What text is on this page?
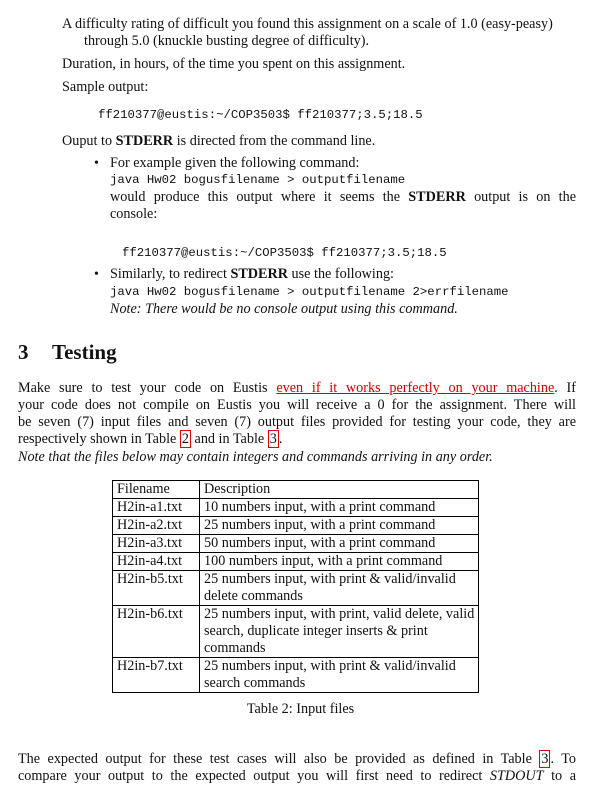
A difficulty rating of difficult you found this assignment on a scale of 1.0 (easy-peasy)
through 5.0 (knuckle busting degree of difficulty).
Duration, in hours, of the time you spent on this assignment.
Sample output:
ff210377@eustis:~/COP3503$ ff210377;3.5;18.5
Ouput to STDERR is directed from the command line.
• For example given the following command:
java Hw02 bogusfilename > outputfilename
would produce this output where it seems the STDERR output is on the
console:
ff210377@eustis:~/COP3503$ ff210377;3.5;18.5
• Similarly, to redirect STDERR use the following:
java Hw02 bogusfilename > outputfilename 2>errfilename
Note: There would be no console output using this command.
3 Testing
Make sure to test your code on Eustis even if it works perfectly on your machine. If
your code does not compile on Eustis you will receive a 0 for the assignment. There will
be seven (7) input files and seven (7) output files provided for testing your code, they are
respectively shown in Table 2 and in Table 3 .
Note that the files below may contain integers and commands arriving in any order.
Filename	Description
H2in-a1.txt	10 numbers input, with a print command
H2in-a2.txt	25 numbers input, with a print command
H2in-a3.txt	50 numbers input, with a print command
H2in-a4.txt	100 numbers input, with a print command
H2in-b5.txt	25 numbers input, with print & valid/invalid delete commands
H2in-b6.txt	25 numbers input, with print, valid delete, valid search, duplicate integer inserts & print commands
H2in-b7.txt	25 numbers input, with print & valid/invalid search commands
Table 2: Input files
The expected output for these test cases will also be provided as defined in Table 3 . To
compare your output to the expected output you will first need to redirect STDOUT to a
